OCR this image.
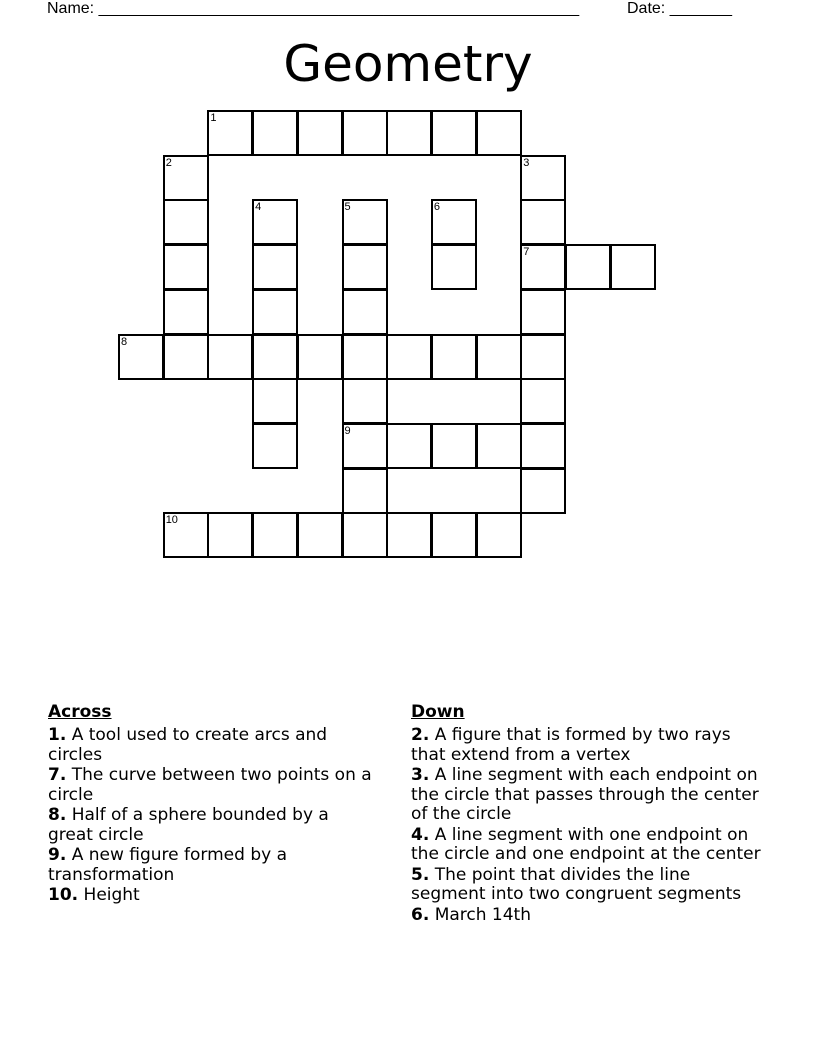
Name: ______________________________________________________	Date: _______
Geometry
1
2	3
7
4	5
9
6
8
10
Across
1. A tool used to create arcs and circles
7. The curve between two points on a circle
8. Half of a sphere bounded by a great circle
9. A new figure formed by a transformation
10. Height
Down
2. A figure that is formed by two rays that extend from a vertex
3. A line segment with each endpoint on the circle that passes through the center of the circle
4. A line segment with one endpoint on the circle and one endpoint at the center
5. The point that divides the line segment into two congruent segments
6. March 14th
